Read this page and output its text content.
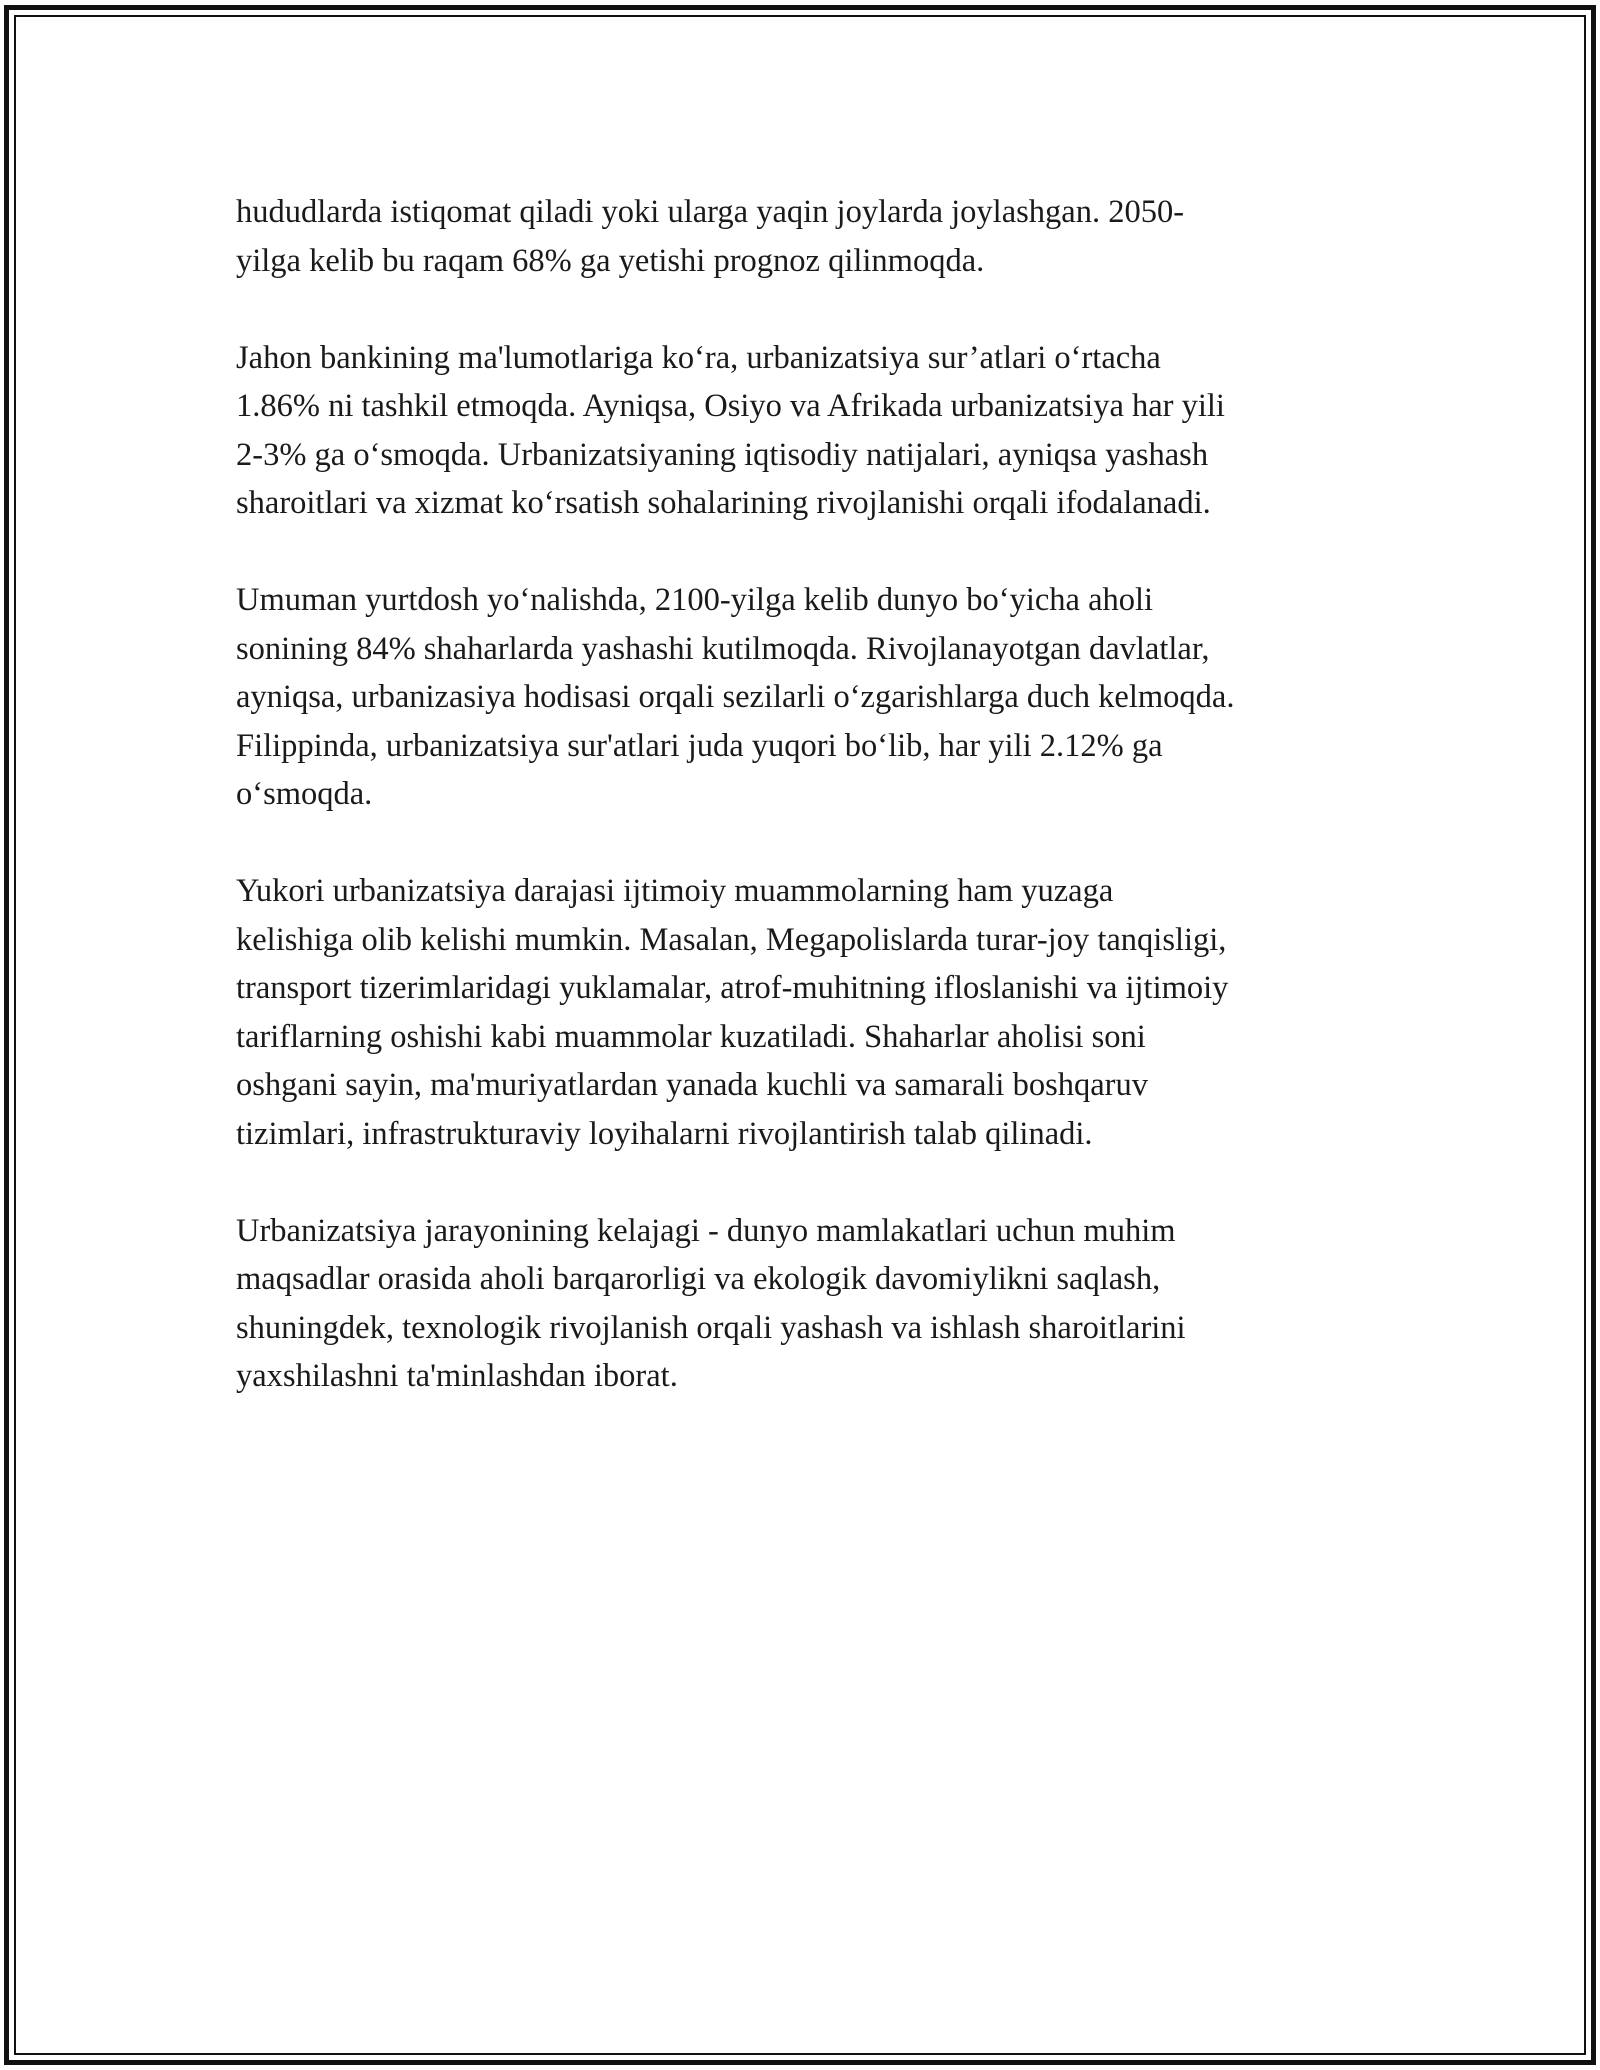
hududlarda istiqomat qiladi yoki ularga yaqin joylarda joylashgan. 2050-
yilga kelib bu raqam 68% ga yetishi prognoz qilinmoqda.

Jahon bankining ma'lumotlariga koʻra, urbanizatsiya sur’atlari oʻrtacha
1.86% ni tashkil etmoqda. Ayniqsa, Osiyo va Afrikada urbanizatsiya har yili
2-3% ga oʻsmoqda. Urbanizatsiyaning iqtisodiy natijalari, ayniqsa yashash
sharoitlari va xizmat koʻrsatish sohalarining rivojlanishi orqali ifodalanadi.

Umuman yurtdosh yoʻnalishda, 2100-yilga kelib dunyo boʻyicha aholi
sonining 84% shaharlarda yashashi kutilmoqda. Rivojlanayotgan davlatlar,
ayniqsa, urbanizasiya hodisasi orqali sezilarli oʻzgarishlarga duch kelmoqda.
Filippinda, urbanizatsiya sur'atlari juda yuqori boʻlib, har yili 2.12% ga
oʻsmoqda.

Yukori urbanizatsiya darajasi ijtimoiy muammolarning ham yuzaga
kelishiga olib kelishi mumkin. Masalan, Megapolislarda turar-joy tanqisligi,
transport tizerimlaridagi yuklamalar, atrof-muhitning ifloslanishi va ijtimoiy
tariflarning oshishi kabi muammolar kuzatiladi. Shaharlar aholisi soni
oshgani sayin, ma'muriyatlardan yanada kuchli va samarali boshqaruv
tizimlari, infrastrukturaviy loyihalarni rivojlantirish talab qilinadi.

Urbanizatsiya jarayonining kelajagi - dunyo mamlakatlari uchun muhim
maqsadlar orasida aholi barqarorligi va ekologik davomiylikni saqlash,
shuningdek, texnologik rivojlanish orqali yashash va ishlash sharoitlarini
yaxshilashni ta'minlashdan iborat.
